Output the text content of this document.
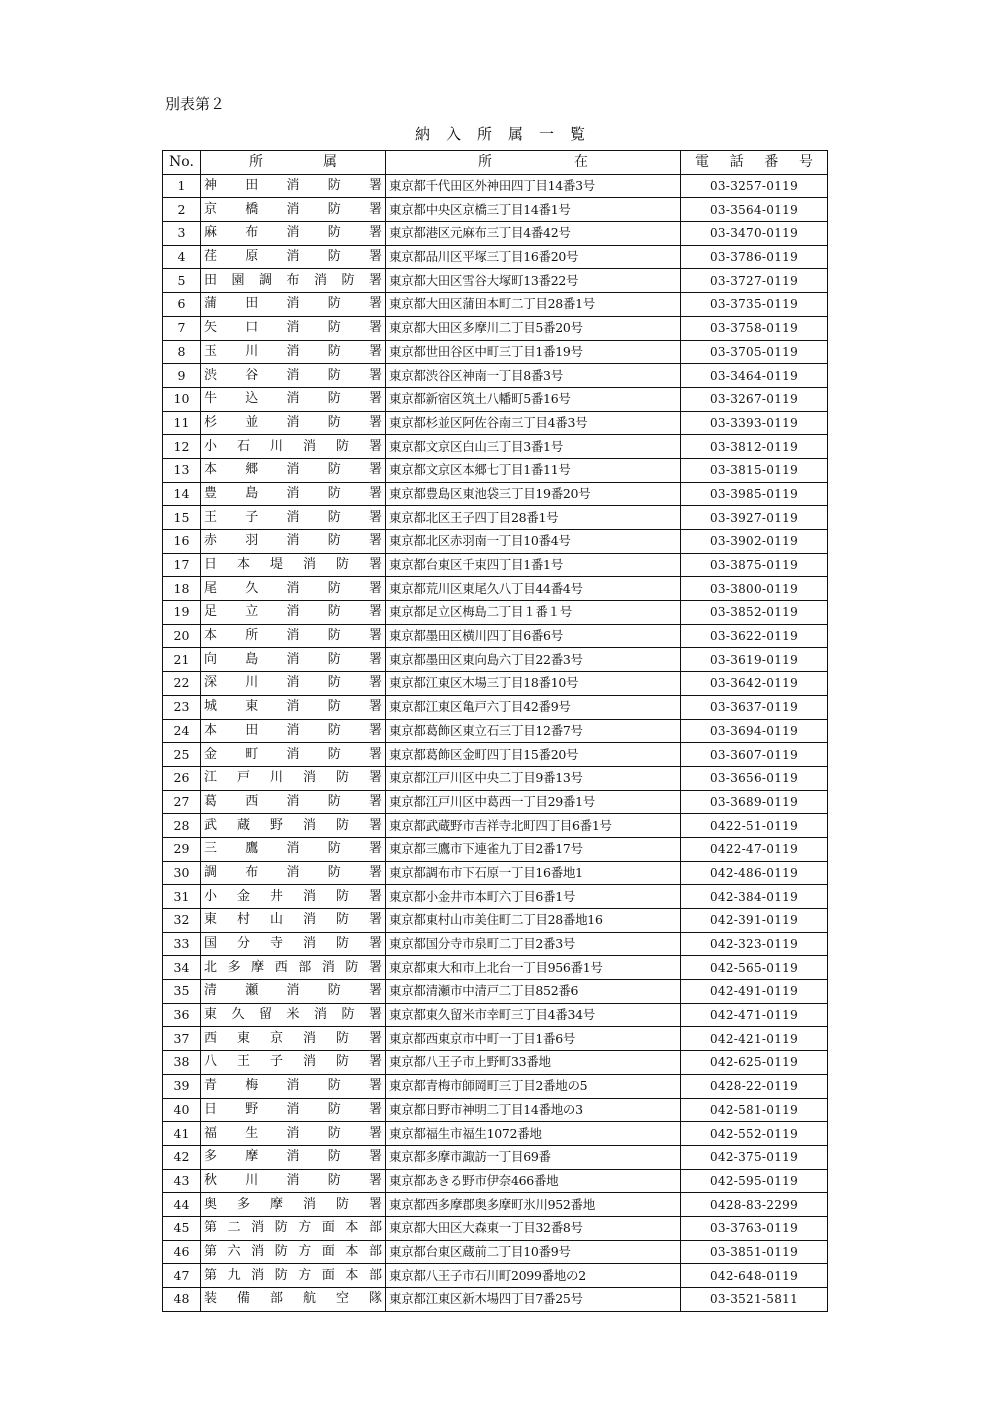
別表第２
納入所属一覧
No.	所属	所在	電話番号
1	神田消防署	東京都千代田区外神田四丁目14番3号	03-3257-0119
2	京橋消防署	東京都中央区京橋三丁目14番1号	03-3564-0119
3	麻布消防署	東京都港区元麻布三丁目4番42号	03-3470-0119
4	荏原消防署	東京都品川区平塚三丁目16番20号	03-3786-0119
5	田園調布消防署	東京都大田区雪谷大塚町13番22号	03-3727-0119
6	蒲田消防署	東京都大田区蒲田本町二丁目28番1号	03-3735-0119
7	矢口消防署	東京都大田区多摩川二丁目5番20号	03-3758-0119
8	玉川消防署	東京都世田谷区中町三丁目1番19号	03-3705-0119
9	渋谷消防署	東京都渋谷区神南一丁目8番3号	03-3464-0119
10	牛込消防署	東京都新宿区筑土八幡町5番16号	03-3267-0119
11	杉並消防署	東京都杉並区阿佐谷南三丁目4番3号	03-3393-0119
12	小石川消防署	東京都文京区白山三丁目3番1号	03-3812-0119
13	本郷消防署	東京都文京区本郷七丁目1番11号	03-3815-0119
14	豊島消防署	東京都豊島区東池袋三丁目19番20号	03-3985-0119
15	王子消防署	東京都北区王子四丁目28番1号	03-3927-0119
16	赤羽消防署	東京都北区赤羽南一丁目10番4号	03-3902-0119
17	日本堤消防署	東京都台東区千束四丁目1番1号	03-3875-0119
18	尾久消防署	東京都荒川区東尾久八丁目44番4号	03-3800-0119
19	足立消防署	東京都足立区梅島二丁目１番１号	03-3852-0119
20	本所消防署	東京都墨田区横川四丁目6番6号	03-3622-0119
21	向島消防署	東京都墨田区東向島六丁目22番3号	03-3619-0119
22	深川消防署	東京都江東区木場三丁目18番10号	03-3642-0119
23	城東消防署	東京都江東区亀戸六丁目42番9号	03-3637-0119
24	本田消防署	東京都葛飾区東立石三丁目12番7号	03-3694-0119
25	金町消防署	東京都葛飾区金町四丁目15番20号	03-3607-0119
26	江戸川消防署	東京都江戸川区中央二丁目9番13号	03-3656-0119
27	葛西消防署	東京都江戸川区中葛西一丁目29番1号	03-3689-0119
28	武蔵野消防署	東京都武蔵野市吉祥寺北町四丁目6番1号	0422-51-0119
29	三鷹消防署	東京都三鷹市下連雀九丁目2番17号	0422-47-0119
30	調布消防署	東京都調布市下石原一丁目16番地1	042-486-0119
31	小金井消防署	東京都小金井市本町六丁目6番1号	042-384-0119
32	東村山消防署	東京都東村山市美住町二丁目28番地16	042-391-0119
33	国分寺消防署	東京都国分寺市泉町二丁目2番3号	042-323-0119
34	北多摩西部消防署	東京都東大和市上北台一丁目956番1号	042-565-0119
35	清瀬消防署	東京都清瀬市中清戸二丁目852番6	042-491-0119
36	東久留米消防署	東京都東久留米市幸町三丁目4番34号	042-471-0119
37	西東京消防署	東京都西東京市中町一丁目1番6号	042-421-0119
38	八王子消防署	東京都八王子市上野町33番地	042-625-0119
39	青梅消防署	東京都青梅市師岡町三丁目2番地の5	0428-22-0119
40	日野消防署	東京都日野市神明二丁目14番地の3	042-581-0119
41	福生消防署	東京都福生市福生1072番地	042-552-0119
42	多摩消防署	東京都多摩市諏訪一丁目69番	042-375-0119
43	秋川消防署	東京都あきる野市伊奈466番地	042-595-0119
44	奥多摩消防署	東京都西多摩郡奥多摩町氷川952番地	0428-83-2299
45	第二消防方面本部	東京都大田区大森東一丁目32番8号	03-3763-0119
46	第六消防方面本部	東京都台東区蔵前二丁目10番9号	03-3851-0119
47	第九消防方面本部	東京都八王子市石川町2099番地の2	042-648-0119
48	装備部航空隊	東京都江東区新木場四丁目7番25号	03-3521-5811
